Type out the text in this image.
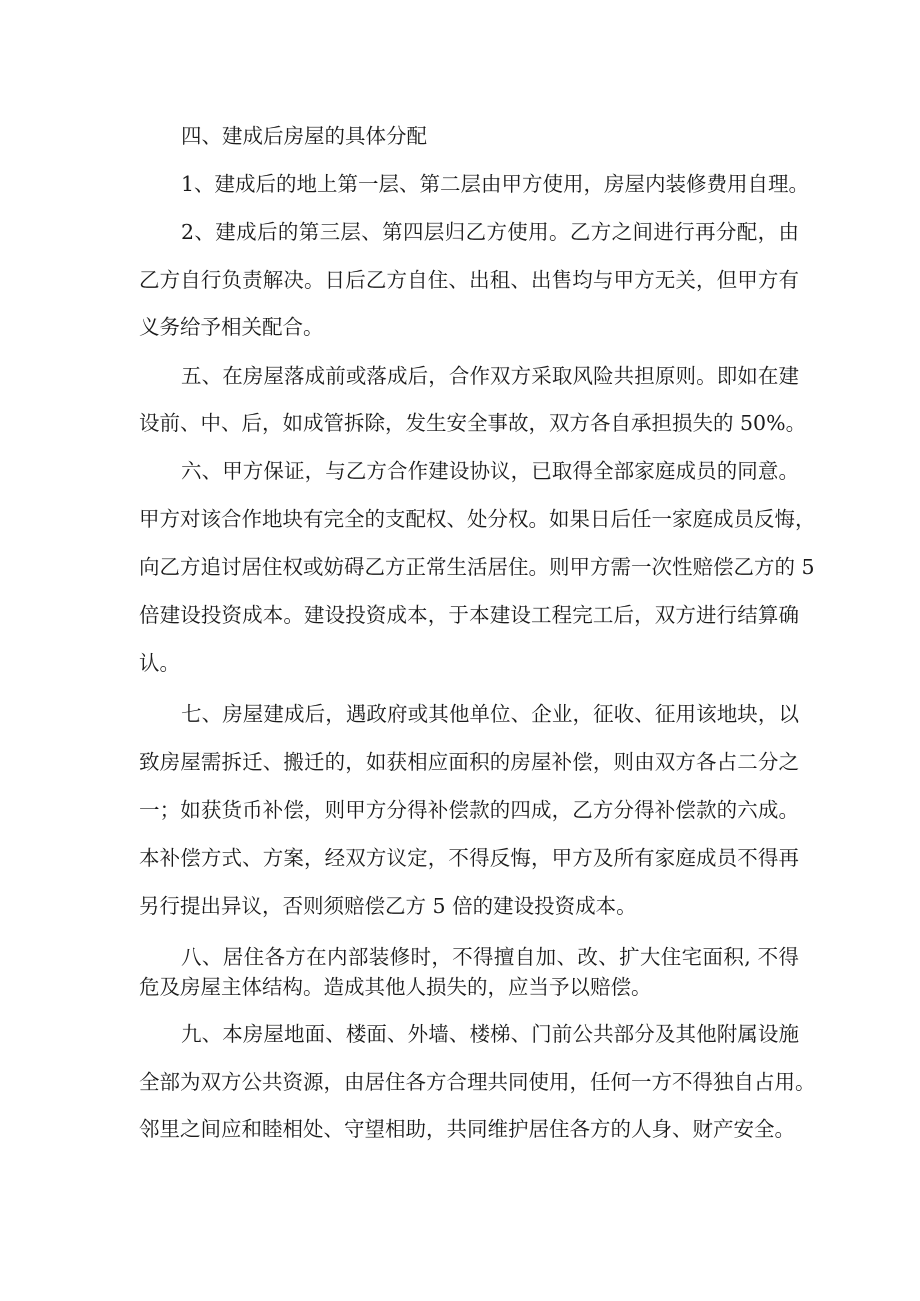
四、建成后房屋的具体分配
1、建成后的地上第一层、第二层由甲方使用，房屋内装修费用自理。
2、建成后的第三层、第四层归乙方使用。乙方之间进行再分配，由
乙方自行负责解决。日后乙方自住、出租、出售均与甲方无关，但甲方有
义务给予相关配合。
五、在房屋落成前或落成后，合作双方采取风险共担原则。即如在建
设前、中、后，如成管拆除，发生安全事故，双方各自承担损失的 50%。
六、甲方保证，与乙方合作建设协议，已取得全部家庭成员的同意。
甲方对该合作地块有完全的支配权、处分权。如果日后任一家庭成员反悔，
向乙方追讨居住权或妨碍乙方正常生活居住。则甲方需一次性赔偿乙方的 5
倍建设投资成本。建设投资成本，于本建设工程完工后，双方进行结算确
认。
七、房屋建成后，遇政府或其他单位、企业，征收、征用该地块，以
致房屋需拆迁、搬迁的，如获相应面积的房屋补偿，则由双方各占二分之
一；如获货币补偿，则甲方分得补偿款的四成，乙方分得补偿款的六成。
本补偿方式、方案，经双方议定，不得反悔，甲方及所有家庭成员不得再
另行提出异议，否则须赔偿乙方 5 倍的建设投资成本。
八、居住各方在内部装修时，不得擅自加、改、扩大住宅面积, 不得
危及房屋主体结构。造成其他人损失的，应当予以赔偿。
九、本房屋地面、楼面、外墙、楼梯、门前公共部分及其他附属设施
全部为双方公共资源，由居住各方合理共同使用，任何一方不得独自占用。
邻里之间应和睦相处、守望相助，共同维护居住各方的人身、财产安全。
